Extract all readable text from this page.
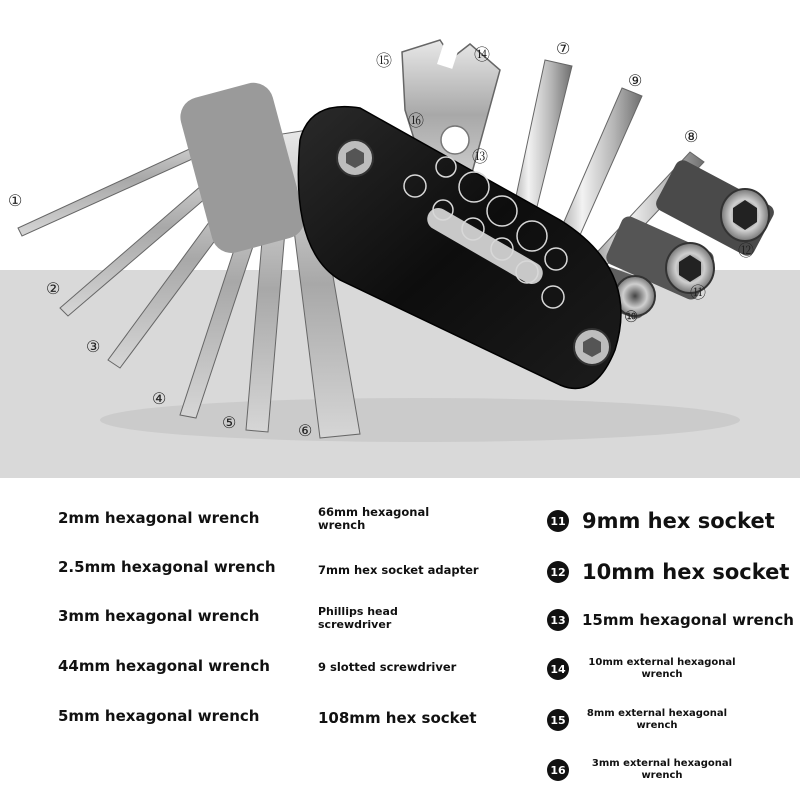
①
②
③
④
⑤	⑥
⑦
⑧
⑨
⑩
⑪
⑫
⑬
⑭
⑮
⑯
2mm hexagonal wrench
2.5mm hexagonal wrench
3mm hexagonal wrench
44mm hexagonal wrench
5mm hexagonal wrench
66mm hexagonal wrench
7mm hex socket adapter
Phillips head screwdriver
9 slotted screwdriver
108mm hex socket
11 9mm hex socket
12 10mm hex socket
13 15mm hexagonal wrench
14	10mm external hexagonal wrench
15	8mm external hexagonal wrench
16	3mm external hexagonal wrench
